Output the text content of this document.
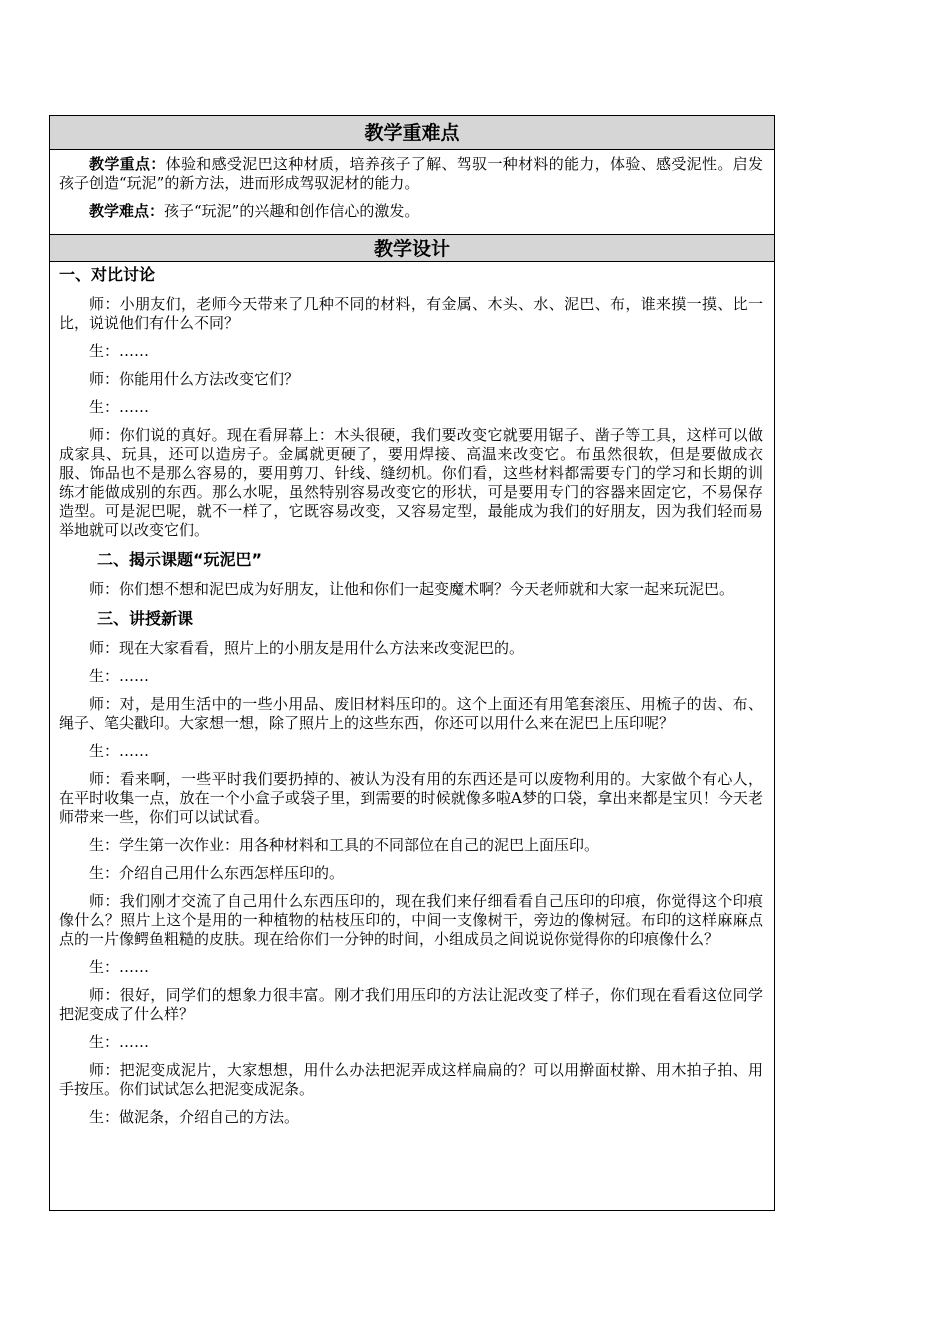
教学重难点

教学重点：体验和感受泥巴这种材质，培养孩子了解、驾驭一种材料的能力，体验、感受泥性。启发孩子创造“玩泥”的新方法，进而形成驾驭泥材的能力。

教学难点：孩子“玩泥”的兴趣和创作信心的激发。

教学设计

一、对比讨论

师：小朋友们，老师今天带来了几种不同的材料，有金属、木头、水、泥巴、布，谁来摸一摸、比一比，说说他们有什么不同？

生：……

师：你能用什么方法改变它们？

生：……

师：你们说的真好。现在看屏幕上：木头很硬，我们要改变它就要用锯子、凿子等工具，这样可以做成家具、玩具，还可以造房子。金属就更硬了，要用焊接、高温来改变它。布虽然很软，但是要做成衣服、饰品也不是那么容易的，要用剪刀、针线、缝纫机。你们看，这些材料都需要专门的学习和长期的训练才能做成别的东西。那么水呢，虽然特别容易改变它的形状，可是要用专门的容器来固定它，不易保存造型。可是泥巴呢，就不一样了，它既容易改变，又容易定型，最能成为我们的好朋友，因为我们轻而易举地就可以改变它们。

二、揭示课题“玩泥巴”

师：你们想不想和泥巴成为好朋友，让他和你们一起变魔术啊？今天老师就和大家一起来玩泥巴。

三、讲授新课

师：现在大家看看，照片上的小朋友是用什么方法来改变泥巴的。

生：……

师：对，是用生活中的一些小用品、废旧材料压印的。这个上面还有用笔套滚压、用梳子的齿、布、绳子、笔尖戳印。大家想一想，除了照片上的这些东西，你还可以用什么来在泥巴上压印呢？

生：……

师：看来啊，一些平时我们要扔掉的、被认为没有用的东西还是可以废物利用的。大家做个有心人，在平时收集一点，放在一个小盒子或袋子里，到需要的时候就像多啦A梦的口袋，拿出来都是宝贝！今天老师带来一些，你们可以试试看。

生：学生第一次作业：用各种材料和工具的不同部位在自己的泥巴上面压印。

生：介绍自己用什么东西怎样压印的。

师：我们刚才交流了自己用什么东西压印的，现在我们来仔细看看自己压印的印痕，你觉得这个印痕像什么？照片上这个是用的一种植物的枯枝压印的，中间一支像树干，旁边的像树冠。布印的这样麻麻点点的一片像鳄鱼粗糙的皮肤。现在给你们一分钟的时间，小组成员之间说说你觉得你的印痕像什么？

生：……

师：很好，同学们的想象力很丰富。刚才我们用压印的方法让泥改变了样子，你们现在看看这位同学把泥变成了什么样？

生：……

师：把泥变成泥片，大家想想，用什么办法把泥弄成这样扁扁的？可以用擀面杖擀、用木拍子拍、用手按压。你们试试怎么把泥变成泥条。

生：做泥条，介绍自己的方法。
